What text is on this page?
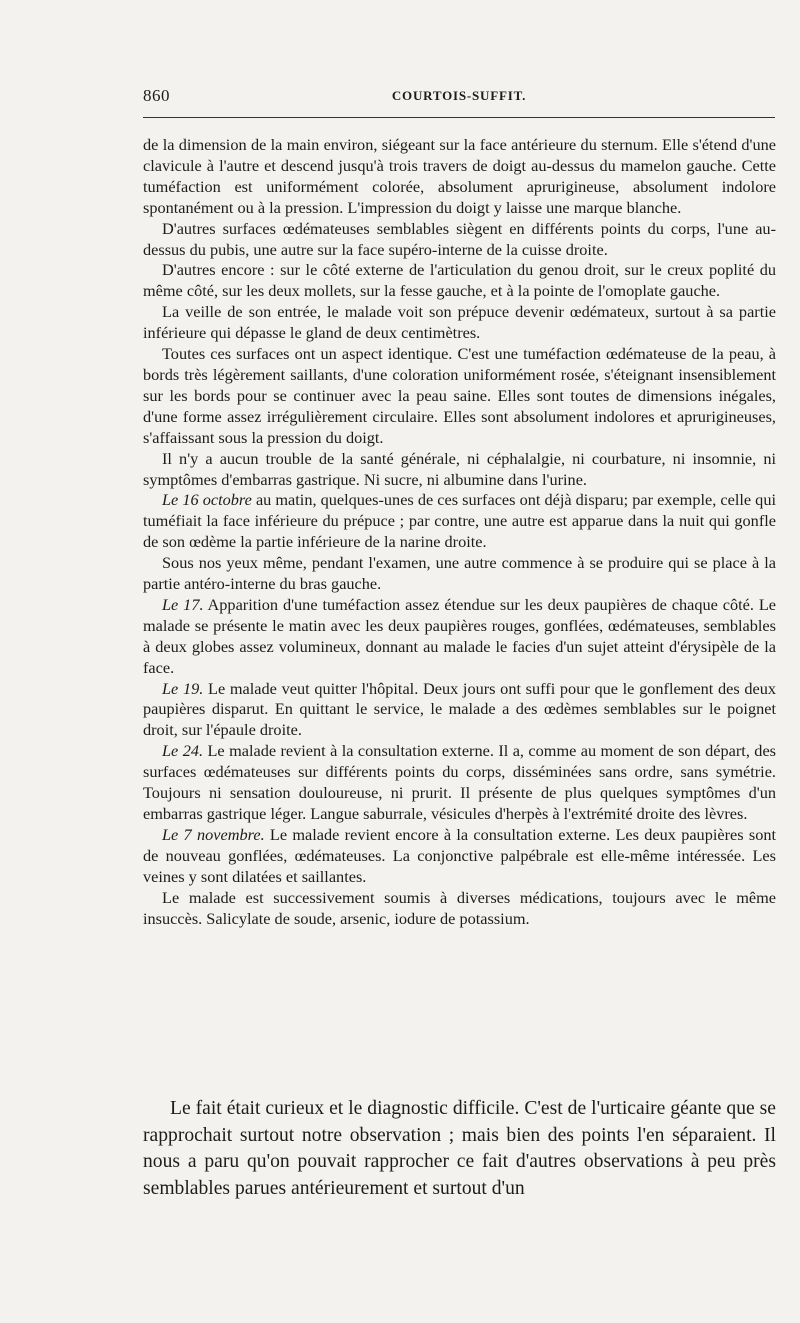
860	COURTOIS-SUFFIT.

de la dimension de la main environ, siégeant sur la face antérieure du sternum. Elle s'étend d'une clavicule à l'autre et descend jusqu'à trois travers de doigt au-dessus du mamelon gauche. Cette tuméfaction est uniformément colorée, absolument aprurigineuse, absolument indolore spontanément ou à la pression. L'impression du doigt y laisse une marque blanche.

D'autres surfaces œdémateuses semblables siègent en différents points du corps, l'une au-dessus du pubis, une autre sur la face supéro-interne de la cuisse droite.

D'autres encore : sur le côté externe de l'articulation du genou droit, sur le creux poplité du même côté, sur les deux mollets, sur la fesse gauche, et à la pointe de l'omoplate gauche.

La veille de son entrée, le malade voit son prépuce devenir œdémateux, surtout à sa partie inférieure qui dépasse le gland de deux centimètres.

Toutes ces surfaces ont un aspect identique. C'est une tuméfaction œdémateuse de la peau, à bords très légèrement saillants, d'une coloration uniformément rosée, s'éteignant insensiblement sur les bords pour se continuer avec la peau saine. Elles sont toutes de dimensions inégales, d'une forme assez irrégulièrement circulaire. Elles sont absolument indolores et aprurigineuses, s'affaissant sous la pression du doigt.

Il n'y a aucun trouble de la santé générale, ni céphalalgie, ni courbature, ni insomnie, ni symptômes d'embarras gastrique. Ni sucre, ni albumine dans l'urine.

Le 16 octobre au matin, quelques-unes de ces surfaces ont déjà disparu; par exemple, celle qui tuméfiait la face inférieure du prépuce ; par contre, une autre est apparue dans la nuit qui gonfle de son œdème la partie inférieure de la narine droite.

Sous nos yeux même, pendant l'examen, une autre commence à se produire qui se place à la partie antéro-interne du bras gauche.

Le 17. Apparition d'une tuméfaction assez étendue sur les deux paupières de chaque côté. Le malade se présente le matin avec les deux paupières rouges, gonflées, œdémateuses, semblables à deux globes assez volumineux, donnant au malade le facies d'un sujet atteint d'érysipèle de la face.

Le 19. Le malade veut quitter l'hôpital. Deux jours ont suffi pour que le gonflement des deux paupières disparut. En quittant le service, le malade a des œdèmes semblables sur le poignet droit, sur l'épaule droite.

Le 24. Le malade revient à la consultation externe. Il a, comme au moment de son départ, des surfaces œdémateuses sur différents points du corps, disséminées sans ordre, sans symétrie. Toujours ni sensation douloureuse, ni prurit. Il présente de plus quelques symptômes d'un embarras gastrique léger. Langue saburrale, vésicules d'herpès à l'extrémité droite des lèvres.

Le 7 novembre. Le malade revient encore à la consultation externe. Les deux paupières sont de nouveau gonflées, œdémateuses. La conjonctive palpébrale est elle-même intéressée. Les veines y sont dilatées et saillantes.

Le malade est successivement soumis à diverses médications, toujours avec le même insuccès. Salicylate de soude, arsenic, iodure de potassium.

Le fait était curieux et le diagnostic difficile. C'est de l'urticaire géante que se rapprochait surtout notre observation ; mais bien des points l'en séparaient. Il nous a paru qu'on pouvait rapprocher ce fait d'autres observations à peu près semblables parues antérieurement et surtout d'un
